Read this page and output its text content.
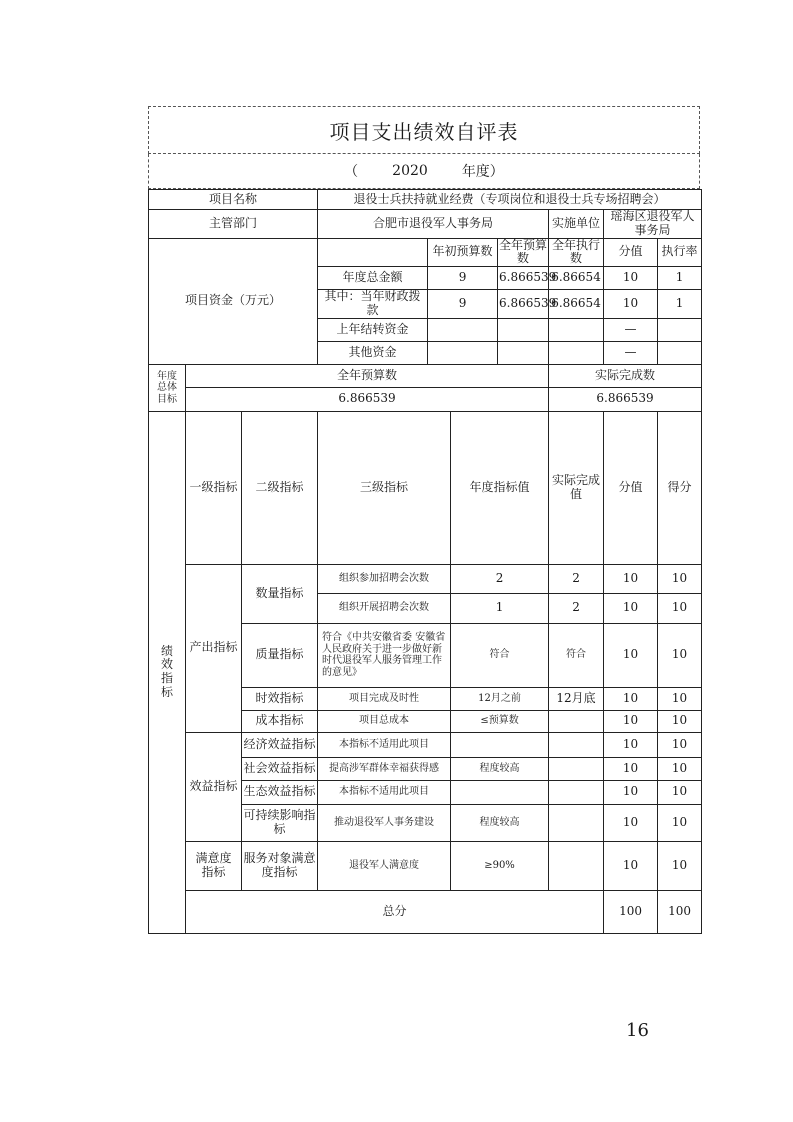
项目支出绩效自评表
（ 2020 年度）
项目名称			退役士兵扶持就业经费（专项岗位和退役士兵专场招聘会）							
主管部门			合肥市退役军人事务局				实施单位	瑶海区退役军人事务局		
项目资金（万元）				年初预算数		全年预算数	全年执行数	分值	执行率	
			年度总金额	9		6.866539	6.86654	10	1	
			其中：当年财政拨款	9		6.866539	6.86654	10	1	
			上年结转资金					—		
			其他资金					—		
年度总体目标	全年预算数						实际完成数			
	6.866539						6.866539			
绩效指标	一级指标	二级指标	三级指标		年度指标值		实际完成值	分值	得分	
	产出指标	数量指标	组织参加招聘会次数		2		2	10	10	
			组织开展招聘会次数		1		2	10	10	
		质量指标	符合《中共安徽省委 安徽省人民政府关于进一步做好新时代退役军人服务管理工作的意见》		符合		符合	10	10	
		时效指标	项目完成及时性		12月之前		12月底	10	10	
		成本指标	项目总成本		≤预算数			10	10	
	效益指标	经济效益指标	本指标不适用此项目					10	10	
		社会效益指标	提高涉军群体幸福获得感		程度较高			10	10	
		生态效益指标	本指标不适用此项目					10	10	
		可持续影响指标	推动退役军人事务建设		程度较高			10	10	
	满意度指标	服务对象满意度指标	退役军人满意度		≥90%			10	10	
	总分							100	100	
16
